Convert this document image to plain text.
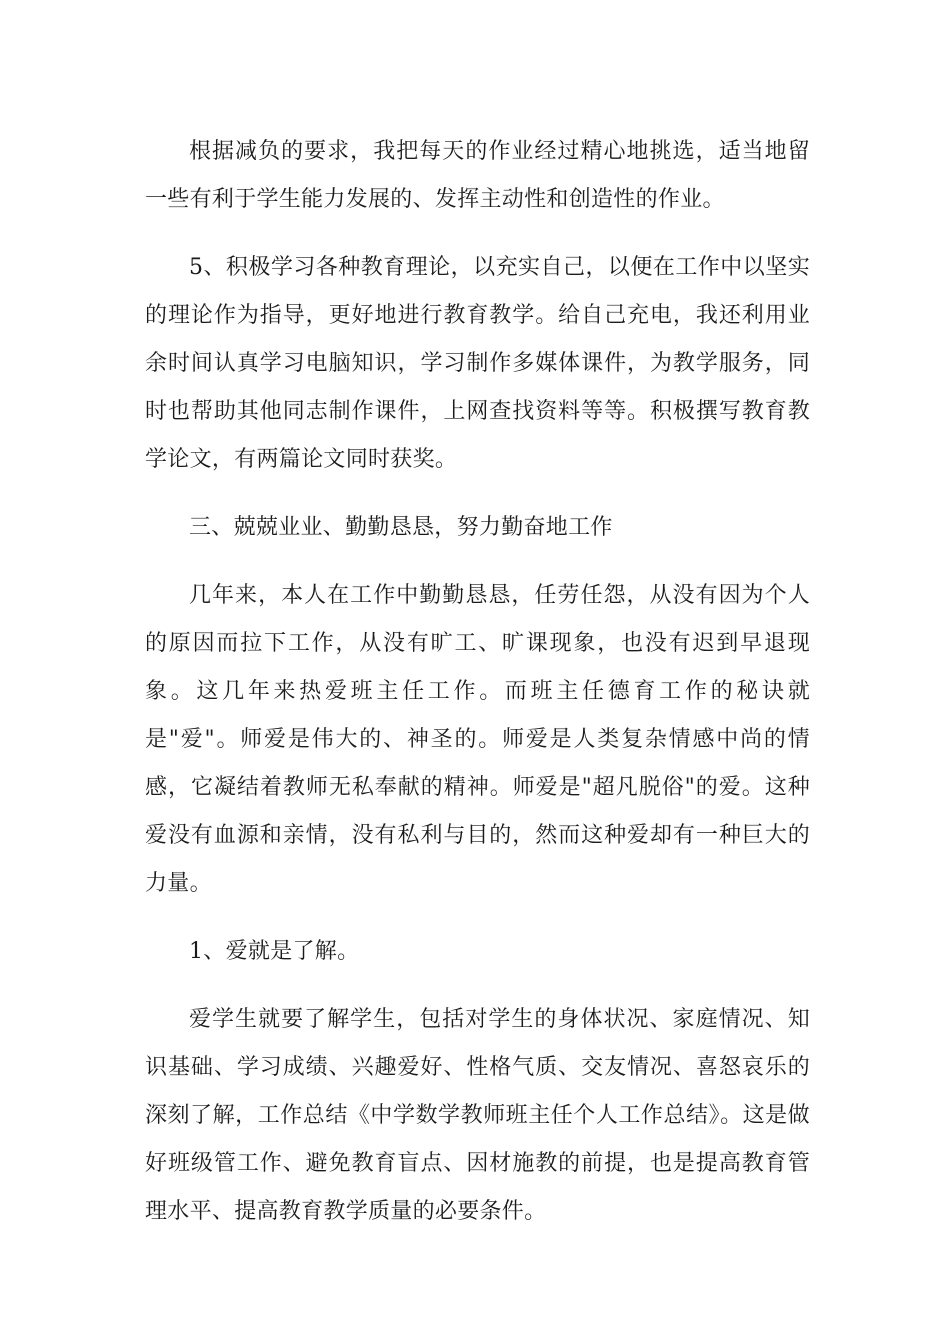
根据减负的要求，我把每天的作业经过精心地挑选，适当地留一些有利于学生能力发展的、发挥主动性和创造性的作业。

5、积极学习各种教育理论，以充实自己，以便在工作中以坚实的理论作为指导，更好地进行教育教学。给自己充电，我还利用业余时间认真学习电脑知识，学习制作多媒体课件，为教学服务，同时也帮助其他同志制作课件，上网查找资料等等。积极撰写教育教学论文，有两篇论文同时获奖。

三、兢兢业业、勤勤恳恳，努力勤奋地工作

几年来，本人在工作中勤勤恳恳，任劳任怨，从没有因为个人的原因而拉下工作，从没有旷工、旷课现象，也没有迟到早退现象。这几年来热爱班主任工作。而班主任德育工作的秘诀就是"爱"。师爱是伟大的、神圣的。师爱是人类复杂情感中尚的情感，它凝结着教师无私奉献的精神。师爱是"超凡脱俗"的爱。这种爱没有血源和亲情，没有私利与目的，然而这种爱却有一种巨大的力量。

1、爱就是了解。

爱学生就要了解学生，包括对学生的身体状况、家庭情况、知识基础、学习成绩、兴趣爱好、性格气质、交友情况、喜怒哀乐的深刻了解，工作总结《中学数学教师班主任个人工作总结》。这是做好班级管工作、避免教育盲点、因材施教的前提，也是提高教育管理水平、提高教育教学质量的必要条件。
